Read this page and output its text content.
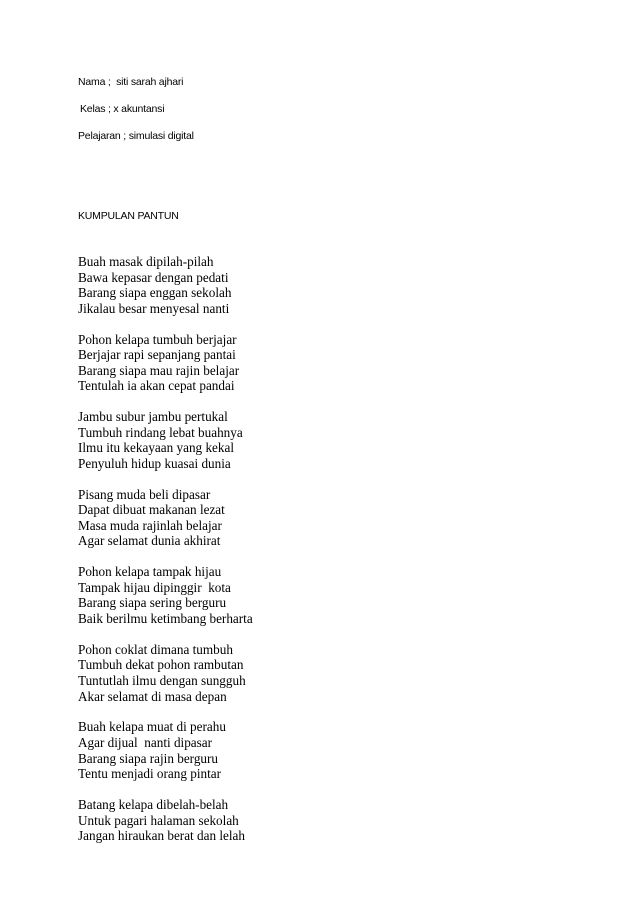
Nama ;  siti sarah ajhari
Kelas ; x akuntansi
Pelajaran ; simulasi digital
KUMPULAN PANTUN
Buah masak dipilah-pilah
Bawa kepasar dengan pedati
Barang siapa enggan sekolah
Jikalau besar menyesal nanti
Pohon kelapa tumbuh berjajar
Berjajar rapi sepanjang pantai
Barang siapa mau rajin belajar
Tentulah ia akan cepat pandai
Jambu subur jambu pertukal
Tumbuh rindang lebat buahnya
Ilmu itu kekayaan yang kekal
Penyuluh hidup kuasai dunia
Pisang muda beli dipasar
Dapat dibuat makanan lezat
Masa muda rajinlah belajar
Agar selamat dunia akhirat
Pohon kelapa tampak hijau
Tampak hijau dipinggir  kota
Barang siapa sering berguru
Baik berilmu ketimbang berharta
Pohon coklat dimana tumbuh
Tumbuh dekat pohon rambutan
Tuntutlah ilmu dengan sungguh
Akar selamat di masa depan
Buah kelapa muat di perahu
Agar dijual  nanti dipasar
Barang siapa rajin berguru
Tentu menjadi orang pintar
Batang kelapa dibelah-belah
Untuk pagari halaman sekolah
Jangan hiraukan berat dan lelah
